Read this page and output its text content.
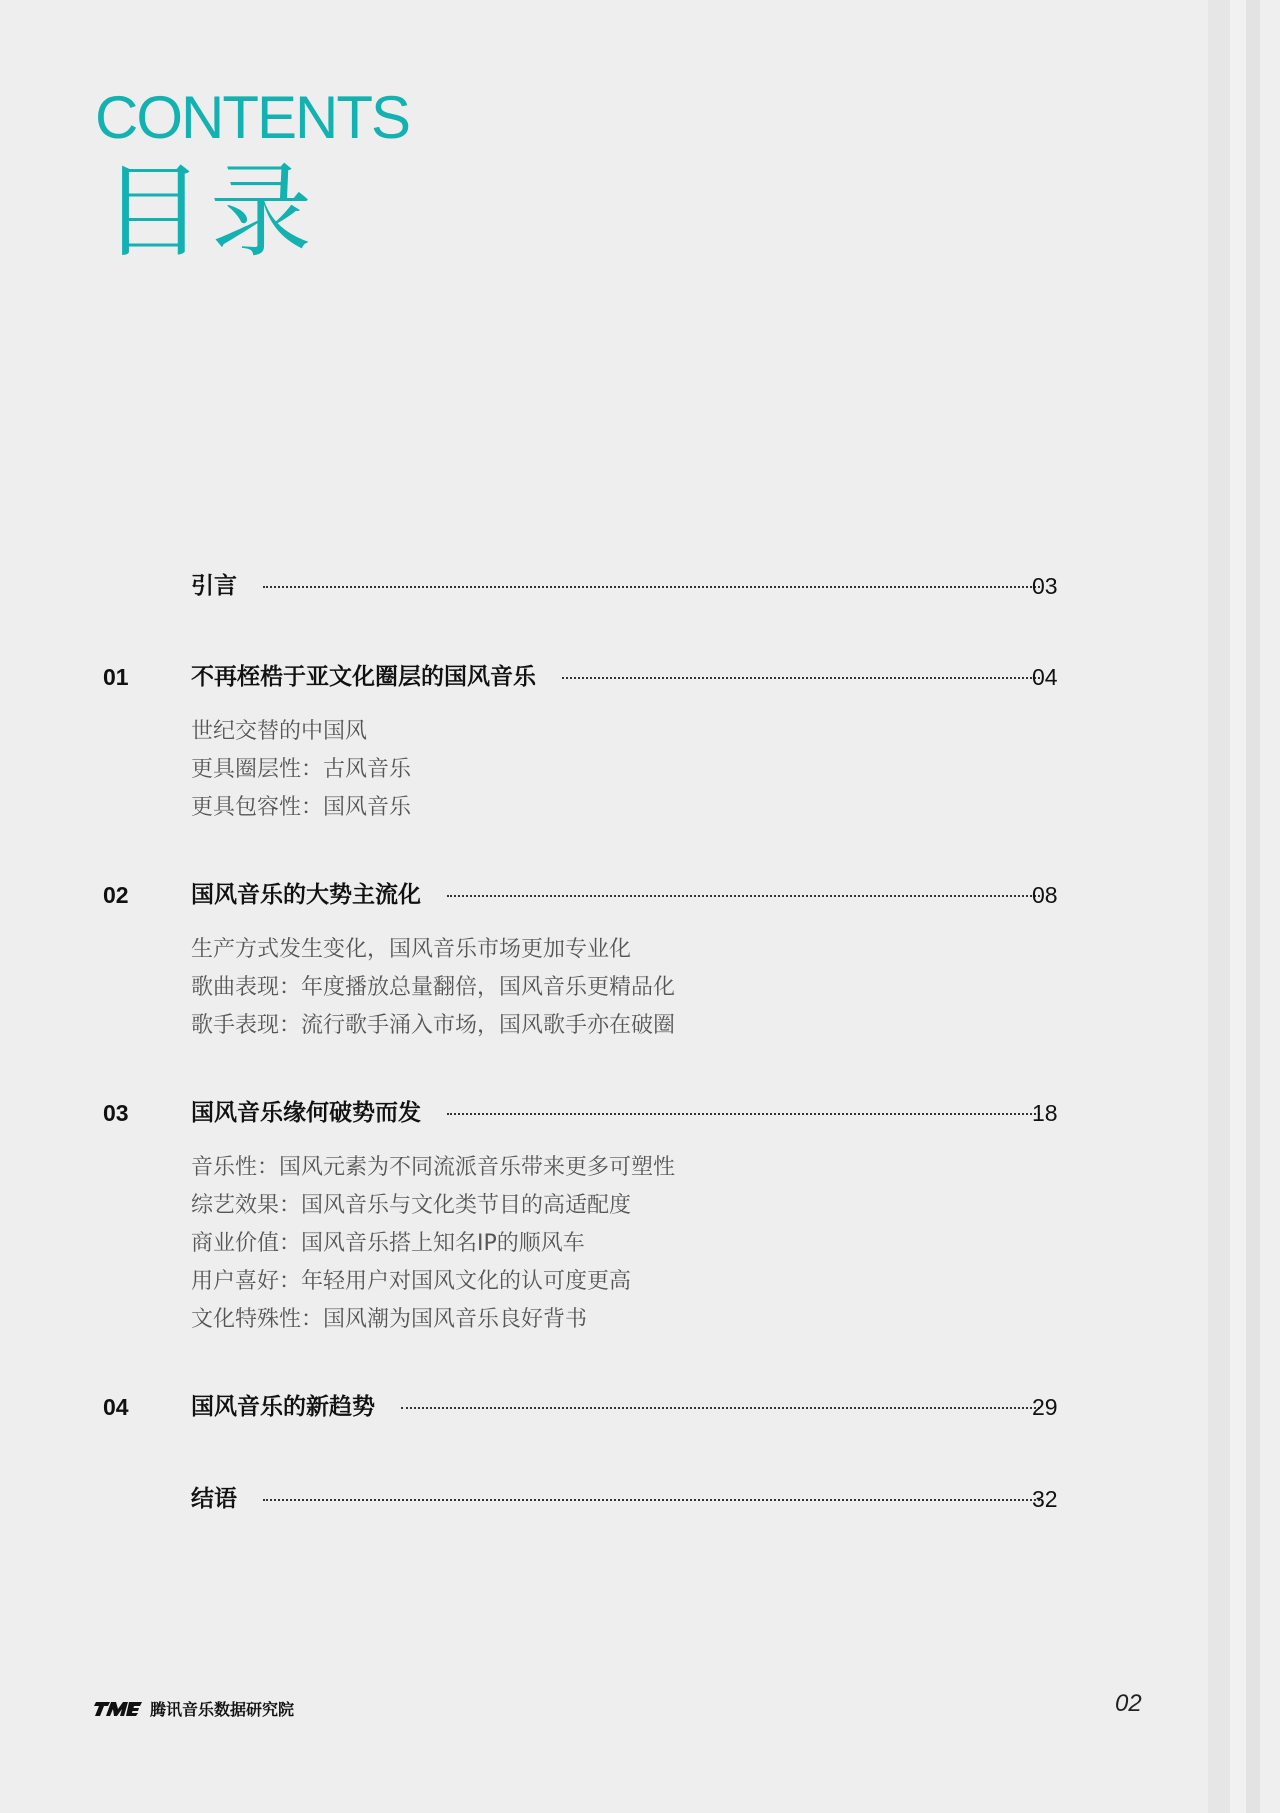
CONTENTS
目录
引言	03
01	不再桎梏于亚文化圈层的国风音乐	04
世纪交替的中国风
更具圈层性：古风音乐
更具包容性：国风音乐
02	国风音乐的大势主流化	08
生产方式发生变化，国风音乐市场更加专业化
歌曲表现：年度播放总量翻倍，国风音乐更精品化
歌手表现：流行歌手涌入市场，国风歌手亦在破圈
03	国风音乐缘何破势而发	18
音乐性：国风元素为不同流派音乐带来更多可塑性
综艺效果：国风音乐与文化类节目的高适配度
商业价值：国风音乐搭上知名IP的顺风车
用户喜好：年轻用户对国风文化的认可度更高
文化特殊性：国风潮为国风音乐良好背书
04	国风音乐的新趋势	29
结语	32
腾讯音乐数据研究院	02
